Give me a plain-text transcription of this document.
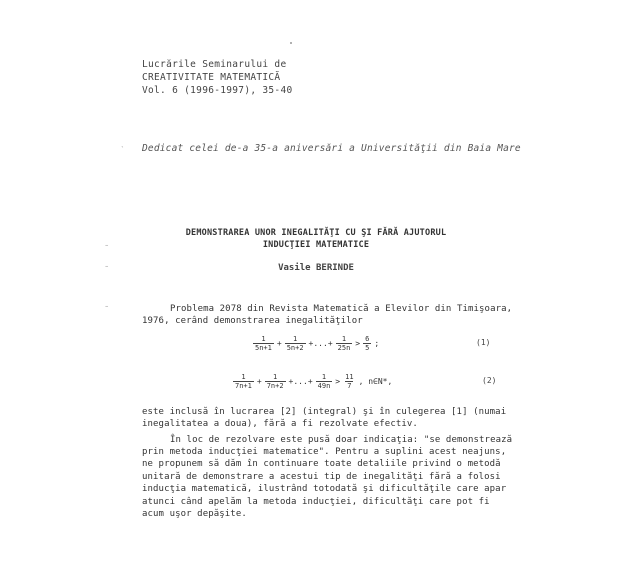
ˋ
ˍ
ˍ
ˍ
Lucrările Seminarului de
CREATIVITATE MATEMATICĂ
Vol. 6 (1996-1997), 35-40
Dedicat celei de-a 35-a aniversări a Universităţii din Baia Mare
DEMONSTRAREA UNOR INEGALITĂŢI CU ŞI FĂRĂ AJUTORUL
INDUCŢIEI MATEMATICE
Vasile BERINDE
Problema 2078 din Revista Matematică a Elevilor din Timişoara,
1976, cerând demonstrarea inegalităţilor
$\frac{1}{5n+1} + \frac{1}{5n+2}$ +...+ $\frac{1}{25n} > \frac{6}{5}$ ;	(1)
$\frac{1}{7n+1} + \frac{1}{7n+2}$ +...+ $\frac{1}{49n} > \frac{11}{7}$ , n∈N*,	(2)
este inclusă în lucrarea [2] (integral) şi în culegerea [1] (numai
inegalitatea a doua), fără a fi rezolvate efectiv.
În loc de rezolvare este pusă doar indicaţia: "se demonstrează
prin metoda inducţiei matematice". Pentru a suplini acest neajuns,
ne propunem să dăm în continuare toate detaliile privind o metodă
unitară de demonstrare a acestui tip de inegalităţi fără a folosi
inducţia matematică, ilustrând totodată şi dificultăţile care apar
atunci când apelăm la metoda inducţiei, dificultăţi care pot fi
acum uşor depăşite.
